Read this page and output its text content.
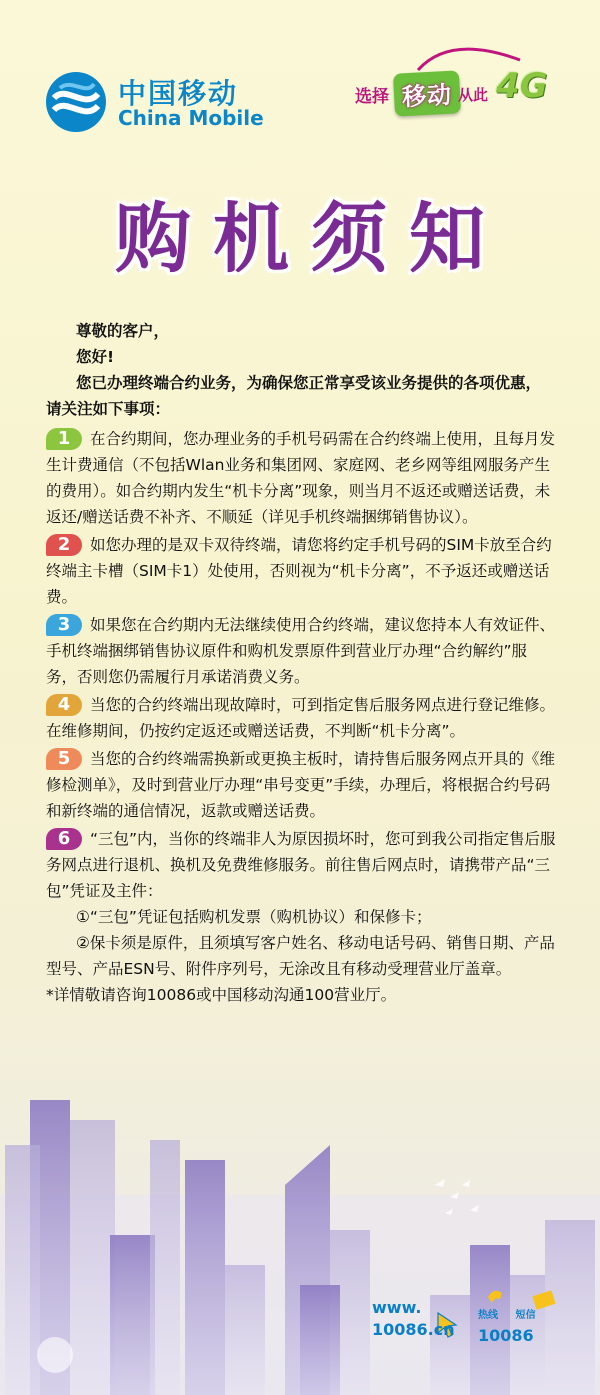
中国移动
China Mobile
选择 移动 从此 4G
购机须知
尊敬的客户，
您好!
您已办理终端合约业务，为确保您正常享受该业务提供的各项优惠，请关注如下事项：
1	在合约期间，您办理业务的手机号码需在合约终端上使用，且每月发生计费通信（不包括Wlan业务和集团网、家庭网、老乡网等组网服务产生的费用）。如合约期内发生“机卡分离”现象，则当月不返还或赠送话费，未返还/赠送话费不补齐、不顺延（详见手机终端捆绑销售协议）。

2	如您办理的是双卡双待终端，请您将约定手机号码的SIM卡放至合约终端主卡槽（SIM卡1）处使用，否则视为“机卡分离”，不予返还或赠送话费。

3	如果您在合约期内无法继续使用合约终端，建议您持本人有效证件、手机终端捆绑销售协议原件和购机发票原件到营业厅办理“合约解约”服务，否则您仍需履行月承诺消费义务。

4	当您的合约终端出现故障时，可到指定售后服务网点进行登记维修。在维修期间，仍按约定返还或赠送话费，不判断“机卡分离”。

5	当您的合约终端需换新或更换主板时，请持售后服务网点开具的《维修检测单》，及时到营业厅办理“串号变更”手续，办理后，将根据合约号码和新终端的通信情况，返款或赠送话费。

6	“三包”内，当你的终端非人为原因损坏时，您可到我公司指定售后服务网点进行退机、换机及免费维修服务。前往售后网点时，请携带产品“三包”凭证及主件：

①“三包”凭证包括购机发票（购机协议）和保修卡；

②保卡须是原件，且须填写客户姓名、移动电话号码、销售日期、产品型号、产品ESN号、附件序列号，无涂改且有移动受理营业厅盖章。

*详情敬请咨询10086或中国移动沟通100营业厅。

www.
10086.cn
热线 短信
10086
